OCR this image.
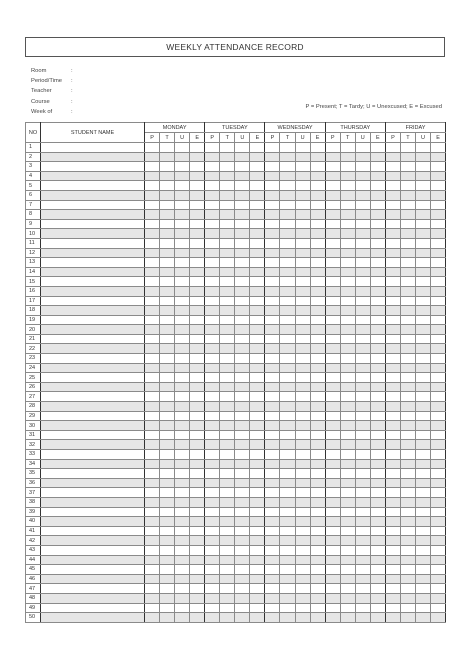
WEEKLY ATTENDANCE RECORD
Room	:
Period/Time	:
Teacher	:
Course	:
Week of	:
P = Present; T = Tardy; U = Unexcused; E = Excused
NO	STUDENT NAME	MONDAY				TUESDAY				WEDNESDAY				THURSDAY				FRIDAY			
		P	T	U	E	P	T	U	E	P	T	U	E	P	T	U	E	P	T	U	E
1																					
2																					
3																					
4																					
5																					
6																					
7																					
8																					
9																					
10																					
11																					
12																					
13																					
14																					
15																					
16																					
17																					
18																					
19																					
20																					
21																					
22																					
23																					
24																					
25																					
26																					
27																					
28																					
29																					
30																					
31																					
32																					
33																					
34																					
35																					
36																					
37																					
38																					
39																					
40																					
41																					
42																					
43																					
44																					
45																					
46																					
47																					
48																					
49																					
50																					
